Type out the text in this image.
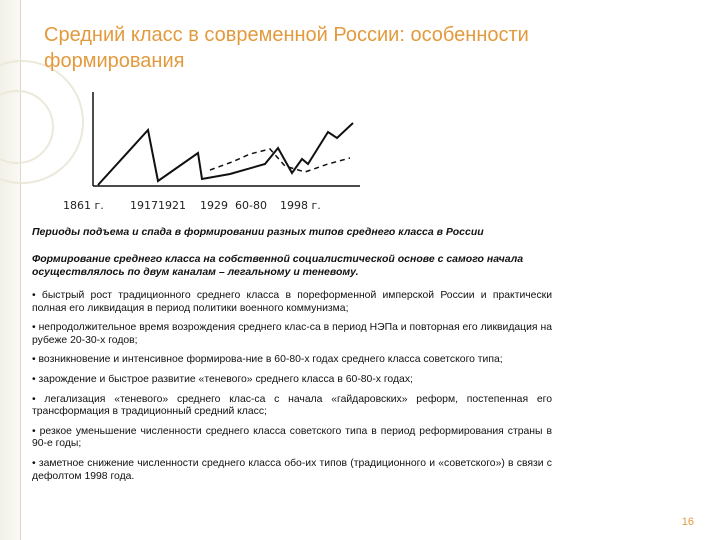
Средний класс в современной России: особенности формирования
1861 г. 1917 1921 1929 60-80 1998 г.

Периоды подъема и спада в формировании разных типов среднего класса в России

Формирование среднего класса на собственной социалистической основе с самого начала осуществлялось по двум каналам – легальному и теневому.

• быстрый рост традиционного среднего класса в пореформенной имперской России и практически полная его ликвидация в период политики военного коммунизма;

• непродолжительное время возрождения среднего клас-са в период НЭПа и повторная его ликвидация на рубеже 20-30-х годов;

• возникновение и интенсивное формирова-ние в 60-80-х годах среднего класса советского типа;

• зарождение и быстрое развитие «теневого» среднего класса в 60-80-х годах;

• легализация «теневого» среднего клас-са с начала «гайдаровских» реформ, постепенная его трансформация в традиционный средний класс;

• резкое уменьшение численности среднего класса советского типа в период реформирования страны в 90-е годы;

• заметное снижение численности среднего класса обо-их типов (традиционного и «советского») в связи с дефолтом 1998 года.

16
